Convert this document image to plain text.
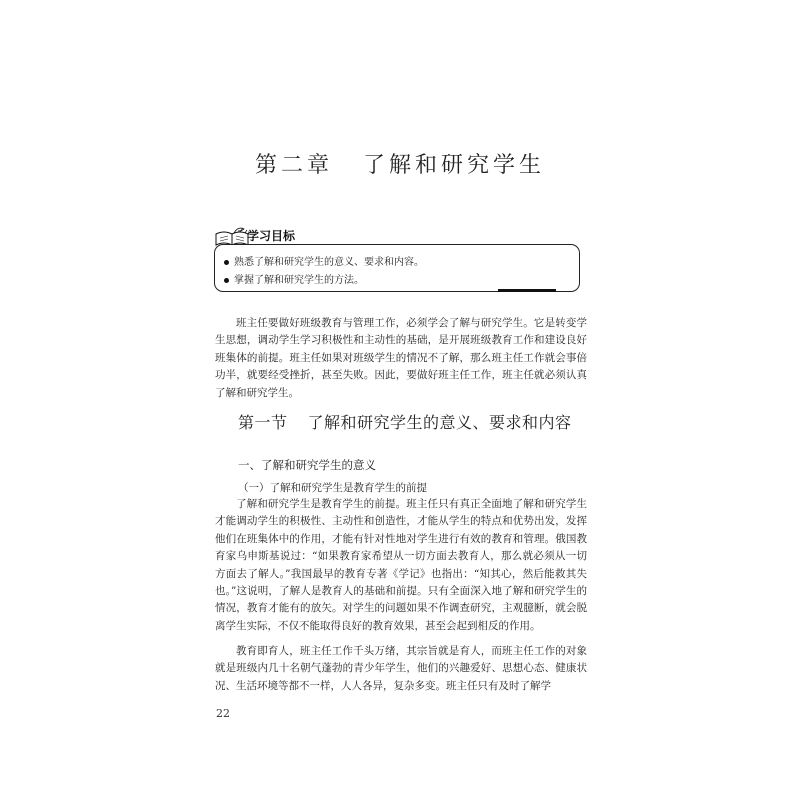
第二章 了解和研究学生
学习目标
熟悉了解和研究学生的意义、要求和内容。
掌握了解和研究学生的方法。

班主任要做好班级教育与管理工作，必须学会了解与研究学生。它是转变学生思想，调动学生学习积极性和主动性的基础，是开展班级教育工作和建设良好班集体的前提。班主任如果对班级学生的情况不了解，那么班主任工作就会事倍功半，就要经受挫折，甚至失败。因此，要做好班主任工作，班主任就必须认真了解和研究学生。

第一节 了解和研究学生的意义、要求和内容
一、了解和研究学生的意义
（一）了解和研究学生是教育学生的前提

了解和研究学生是教育学生的前提。班主任只有真正全面地了解和研究学生才能调动学生的积极性、主动性和创造性，才能从学生的特点和优势出发，发挥他们在班集体中的作用，才能有针对性地对学生进行有效的教育和管理。俄国教育家乌申斯基说过：“如果教育家希望从一切方面去教育人，那么就必须从一切方面去了解人。”我国最早的教育专著《学记》也指出：“知其心，然后能救其失也。”这说明，了解人是教育人的基础和前提。只有全面深入地了解和研究学生的情况，教育才能有的放矢。对学生的问题如果不作调查研究，主观臆断，就会脱离学生实际，不仅不能取得良好的教育效果，甚至会起到相反的作用。

教育即育人，班主任工作千头万绪，其宗旨就是育人，而班主任工作的对象就是班级内几十名朝气蓬勃的青少年学生，他们的兴趣爱好、思想心态、健康状况、生活环境等都不一样，人人各异，复杂多变。班主任只有及时了解学

22
